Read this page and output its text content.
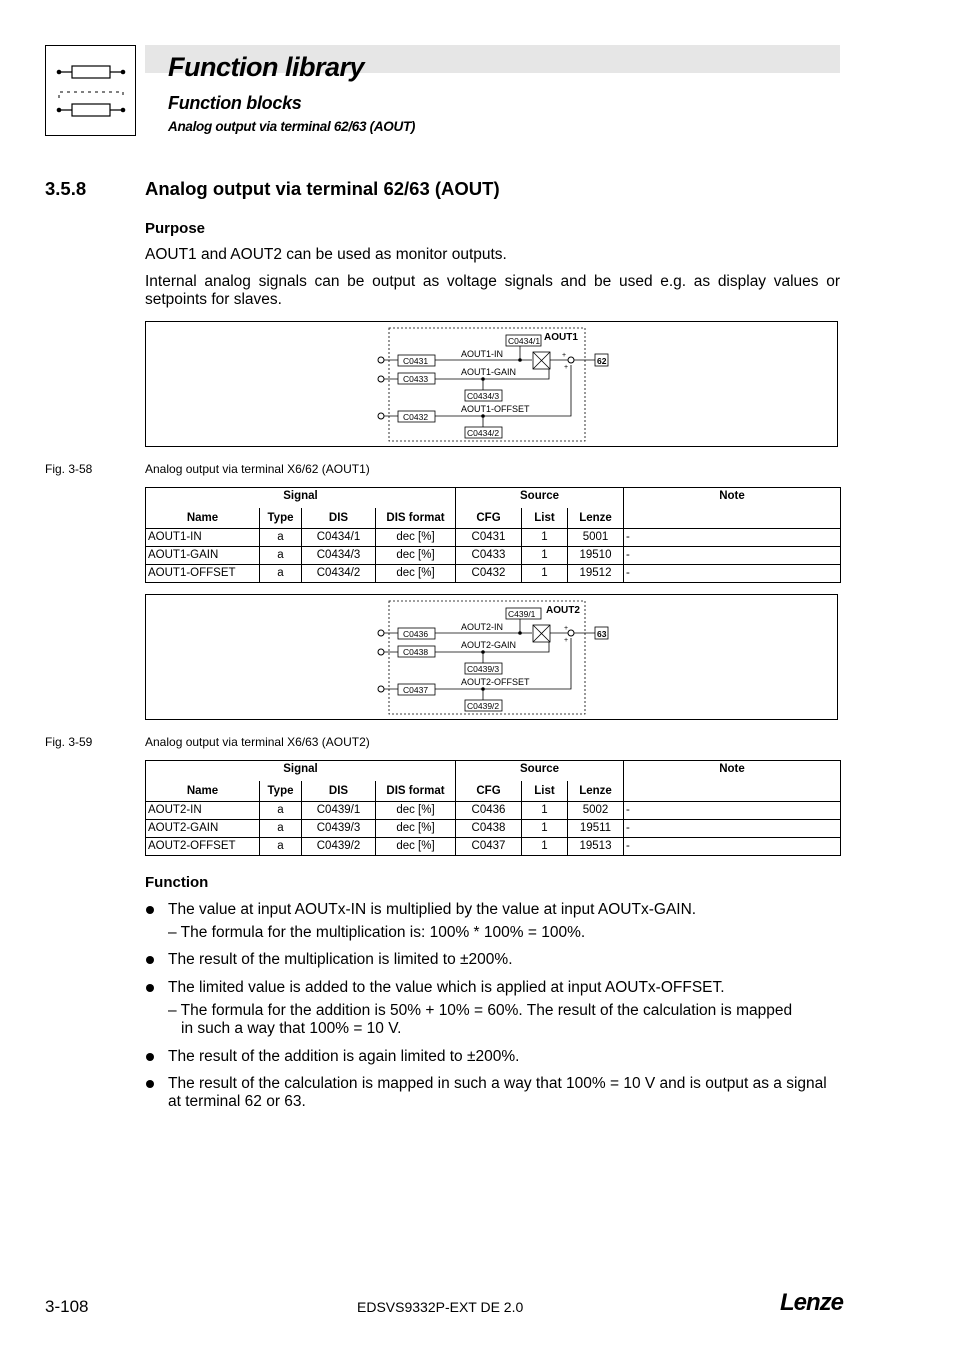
Function library
Function blocks
Analog output via terminal 62/63 (AOUT)
3.5.8	Analog output via terminal 62/63 (AOUT)
Purpose
AOUT1 and AOUT2 can be used as monitor outputs.
Internal analog signals can be output as voltage signals and be used e.g. as display values or setpoints for slaves.
AOUT1
C0434/1
C0431
AOUT1-IN
C0433
AOUT1-GAIN
C0432
AOUT1-OFFSET
C0434/3
C0434/2
+
+
62
Fig. 3-58	Analog output via terminal X6/62 (AOUT1)
Signal				Source			Note
Name	Type	DIS	DIS format	CFG	List	Lenze	
AOUT1-IN	a	C0434/1	dec [%]	C0431	1	5001	-
AOUT1-GAIN	a	C0434/3	dec [%]	C0433	1	19510	-
AOUT1-OFFSET	a	C0434/2	dec [%]	C0432	1	19512	-
AOUT2
C439/1
C0436
AOUT2-IN
C0438
AOUT2-GAIN
C0437
AOUT2-OFFSET
C0439/3
C0439/2
+
+
63
Fig. 3-59	Analog output via terminal X6/63 (AOUT2)
Signal				Source			Note
Name	Type	DIS	DIS format	CFG	List	Lenze	
AOUT2-IN	a	C0439/1	dec [%]	C0436	1	5002	-
AOUT2-GAIN	a	C0439/3	dec [%]	C0438	1	19511	-
AOUT2-OFFSET	a	C0439/2	dec [%]	C0437	1	19513	-
Function
The value at input AOUTx-IN is multiplied by the value at input AOUTx-GAIN.
– The formula for the multiplication is: 100% * 100% = 100%.
The result of the multiplication is limited to ±200%.
The limited value is added to the value which is applied at input AOUTx-OFFSET.
– The formula for the addition is 50% + 10% = 60%. The result of the calculation is mapped
in such a way that 100% = 10 V.
The result of the addition is again limited to ±200%.
The result of the calculation is mapped in such a way that 100% = 10 V and is output as a signal at terminal 62 or 63.
3-108	EDSVS9332P-EXT DE 2.0	Lenze
